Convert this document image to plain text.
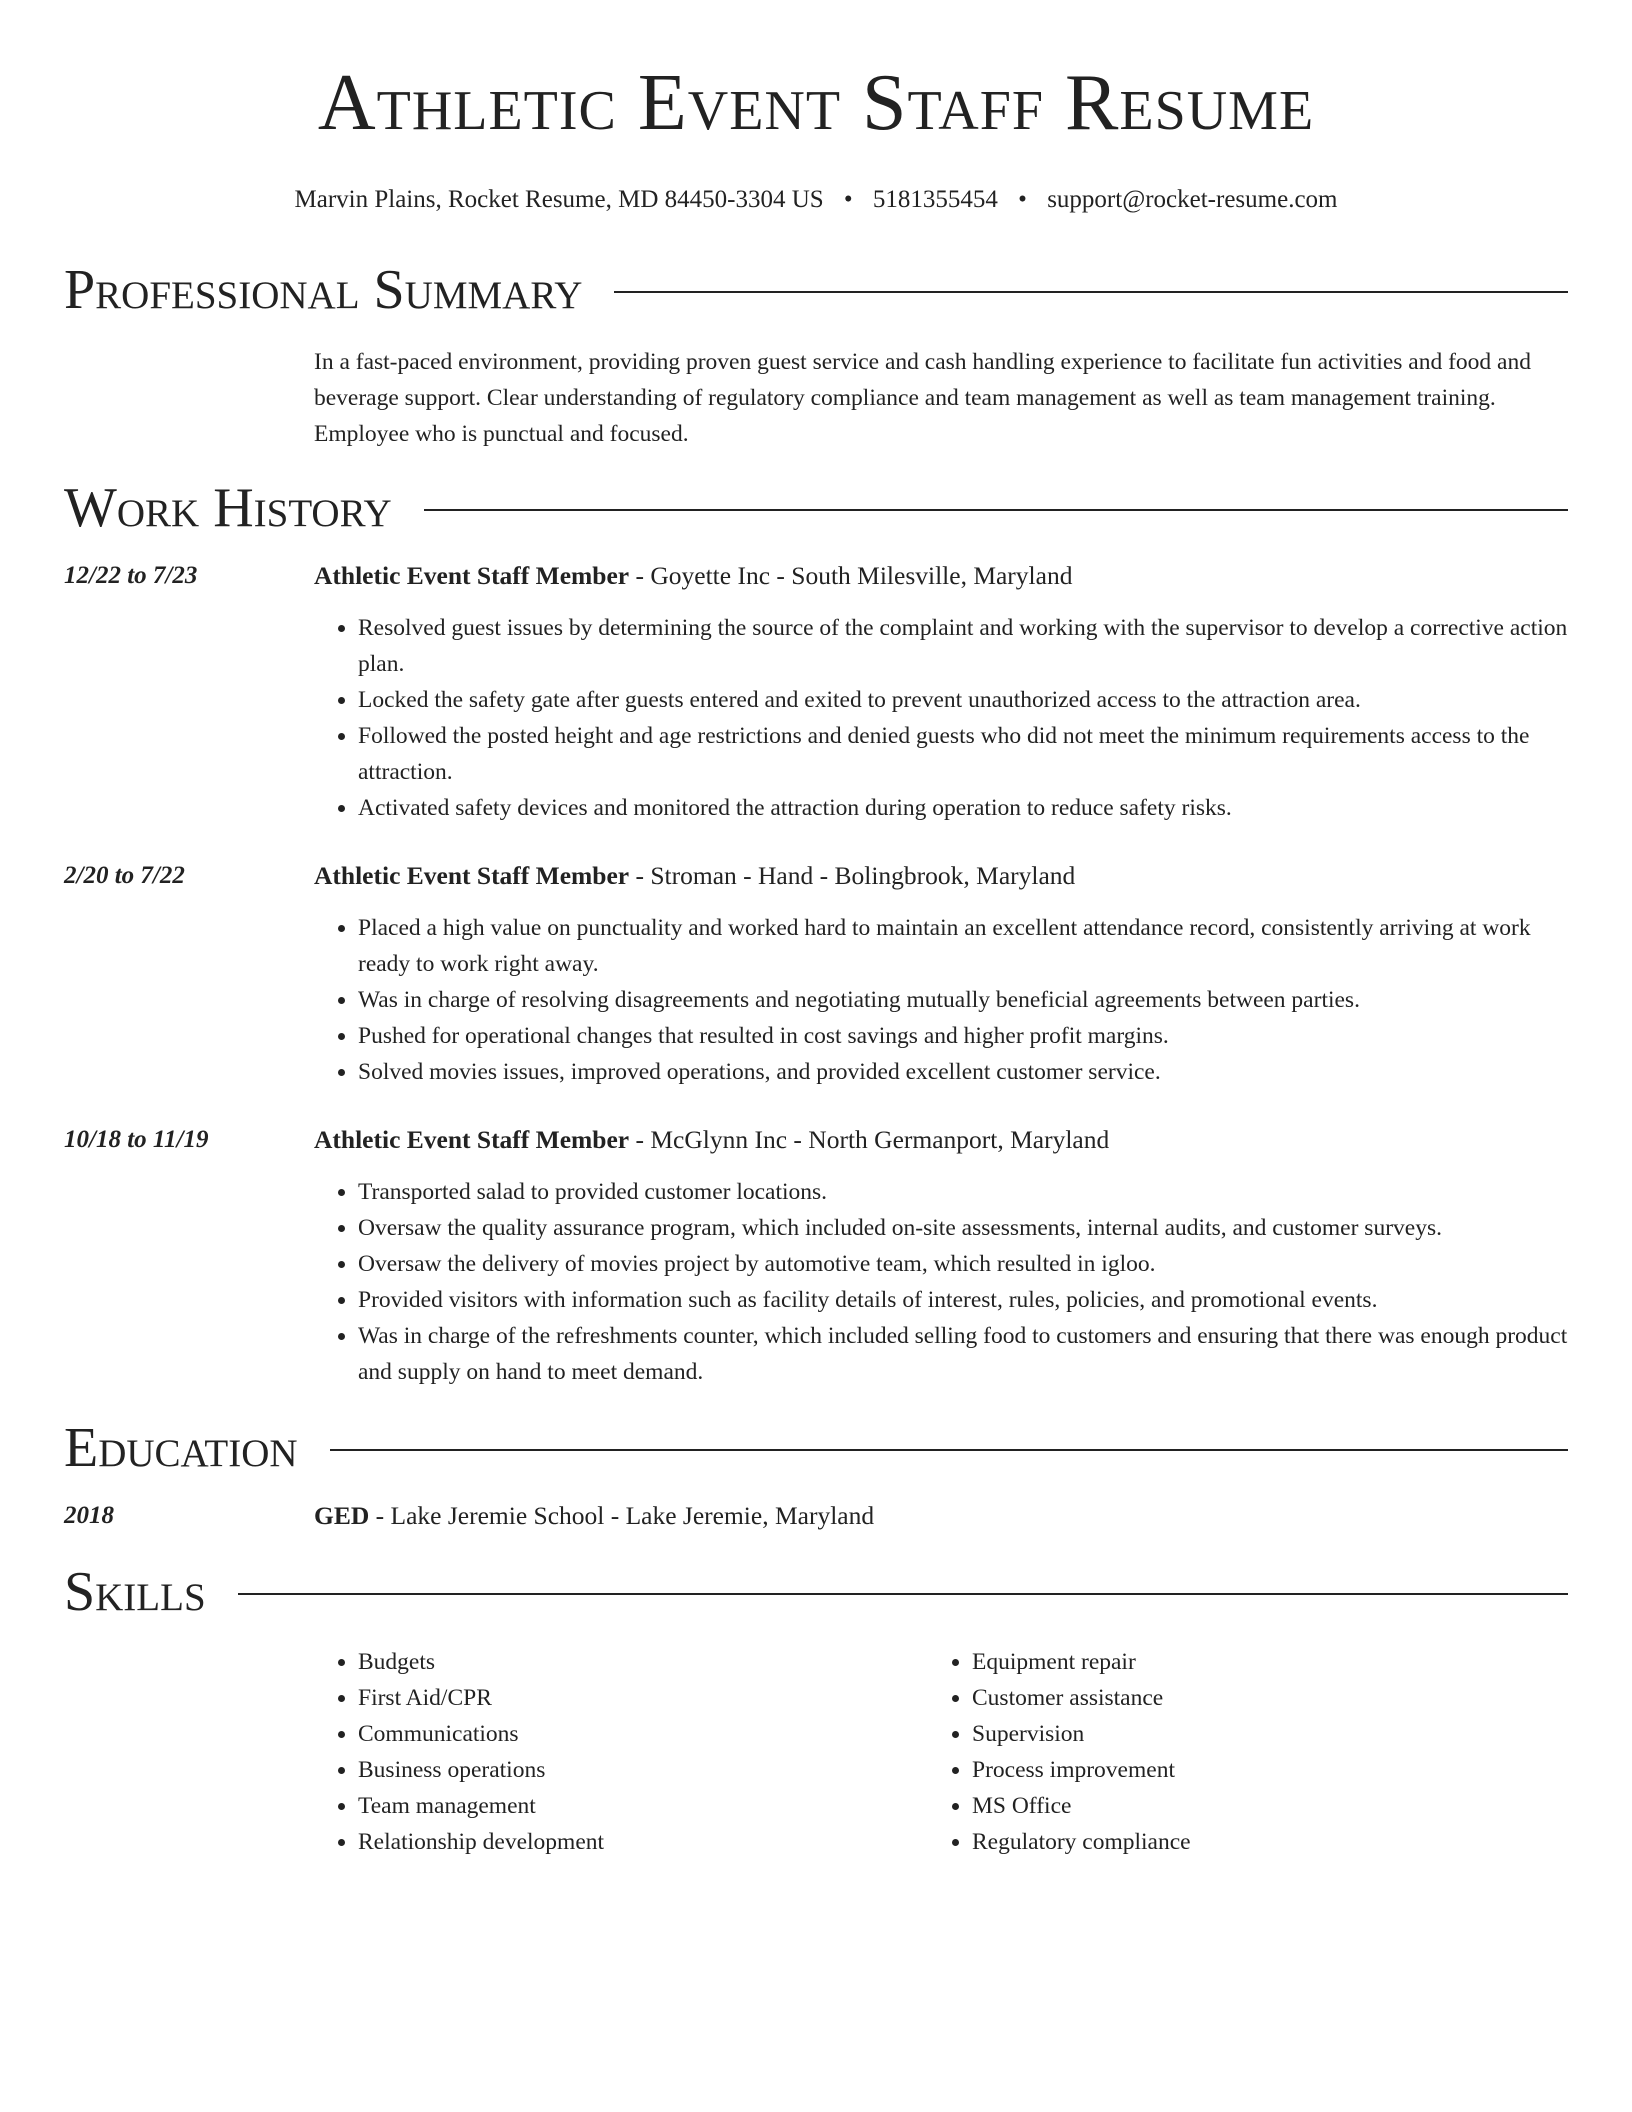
Athletic Event Staff Resume
Marvin Plains, Rocket Resume, MD 84450-3304 US • 5181355454 • support@rocket-resume.com
Professional Summary
In a fast-paced environment, providing proven guest service and cash handling experience to facilitate fun activities and food and beverage support. Clear understanding of regulatory compliance and team management as well as team management training. Employee who is punctual and focused.
Work History
12/22 to 7/23	Athletic Event Staff Member - Goyette Inc - South Milesville, Maryland
• Resolved guest issues by determining the source of the complaint and working with the supervisor to develop a corrective action plan.
• Locked the safety gate after guests entered and exited to prevent unauthorized access to the attraction area.
• Followed the posted height and age restrictions and denied guests who did not meet the minimum requirements access to the attraction.
• Activated safety devices and monitored the attraction during operation to reduce safety risks.
2/20 to 7/22	Athletic Event Staff Member - Stroman - Hand - Bolingbrook, Maryland
• Placed a high value on punctuality and worked hard to maintain an excellent attendance record, consistently arriving at work ready to work right away.
• Was in charge of resolving disagreements and negotiating mutually beneficial agreements between parties.
• Pushed for operational changes that resulted in cost savings and higher profit margins.
• Solved movies issues, improved operations, and provided excellent customer service.
10/18 to 11/19	Athletic Event Staff Member - McGlynn Inc - North Germanport, Maryland
• Transported salad to provided customer locations.
• Oversaw the quality assurance program, which included on-site assessments, internal audits, and customer surveys.
• Oversaw the delivery of movies project by automotive team, which resulted in igloo.
• Provided visitors with information such as facility details of interest, rules, policies, and promotional events.
• Was in charge of the refreshments counter, which included selling food to customers and ensuring that there was enough product and supply on hand to meet demand.
Education
2018	GED - Lake Jeremie School - Lake Jeremie, Maryland
Skills
• Budgets
• First Aid/CPR
• Communications
• Business operations
• Team management
• Relationship development
• Equipment repair
• Customer assistance
• Supervision
• Process improvement
• MS Office
• Regulatory compliance
